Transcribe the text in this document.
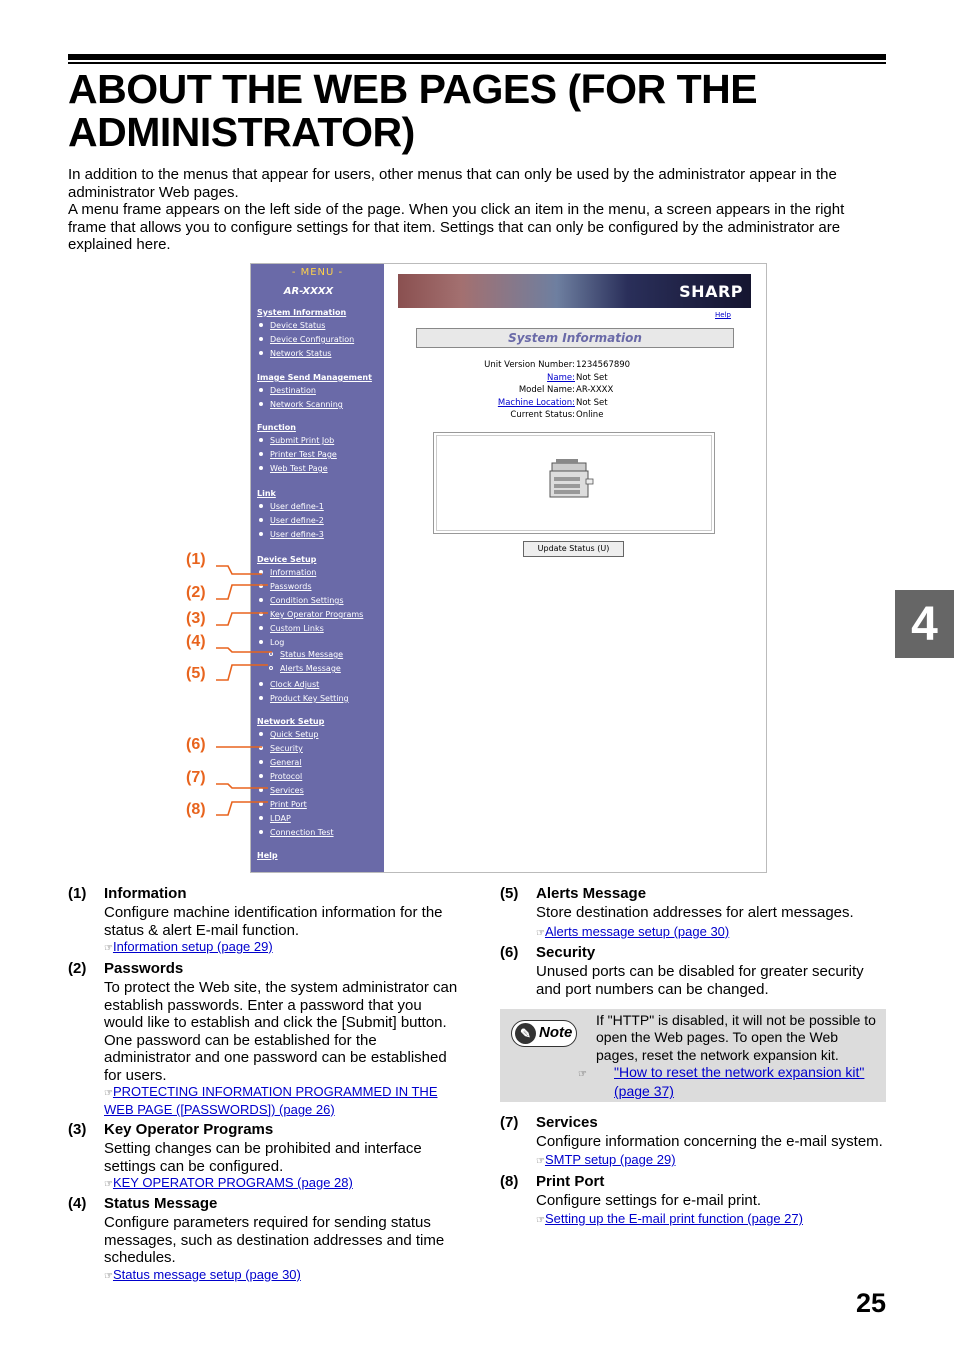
ABOUT THE WEB PAGES (FOR THE ADMINISTRATOR)

In addition to the menus that appear for users, other menus that can only be used by the administrator appear in the administrator Web pages.

A menu frame appears on the left side of the page. When you click an item in the menu, a screen appears in the right frame that allows you to configure settings for that item. Settings that can only be configured by the administrator are explained here.

4
- MENU -
AR-XXXX
System Information
Device Status
Device Configuration
Network Status
Image Send Management
Destination
Network Scanning
Function
Submit Print Job
Printer Test Page
Web Test Page
Link
User define-1
User define-2
User define-3
Device Setup
Information
Passwords
Condition Settings
Key Operator Programs
Custom Links
Log
Status Message
Alerts Message
Clock Adjust
Product Key Setting
Network Setup
Quick Setup
Security
General
Protocol
Services
Print Port
LDAP
Connection Test
Help
SHARP
Help
System Information
Unit Version Number: 1234567890
Name: Not Set
Model Name: AR-XXXX
Machine Location: Not Set
Current Status: Online
Update Status (U)
(1)
(2)
(3)
(4)
(5)
(6)
(7)
(8)
(1) Information
Configure machine identification information for the status & alert E-mail function.
☞Information setup (page 29)
(2) Passwords
To protect the Web site, the system administrator can establish passwords. Enter a password that you would like to establish and click the [Submit] button. One password can be established for the administrator and one password can be established for users.
☞PROTECTING INFORMATION PROGRAMMED IN THE WEB PAGE ([PASSWORDS]) (page 26)
(3) Key Operator Programs
Setting changes can be prohibited and interface settings can be configured.
☞KEY OPERATOR PROGRAMS (page 28)
(4) Status Message
Configure parameters required for sending status messages, such as destination addresses and time schedules.
☞Status message setup (page 30)
(5) Alerts Message
Store destination addresses for alert messages.
☞Alerts message setup (page 30)
(6) Security
Unused ports can be disabled for greater security and port numbers can be changed.
(7) Services
Configure information concerning the e-mail system.
☞SMTP setup (page 29)
(8) Print Port
Configure settings for e-mail print.
☞Setting up the E-mail print function (page 27)
✎ Note
If "HTTP" is disabled, it will not be possible to open the Web pages. To open the Web pages, reset the network expansion kit.
☞ "How to reset the network expansion kit" (page 37)
25
